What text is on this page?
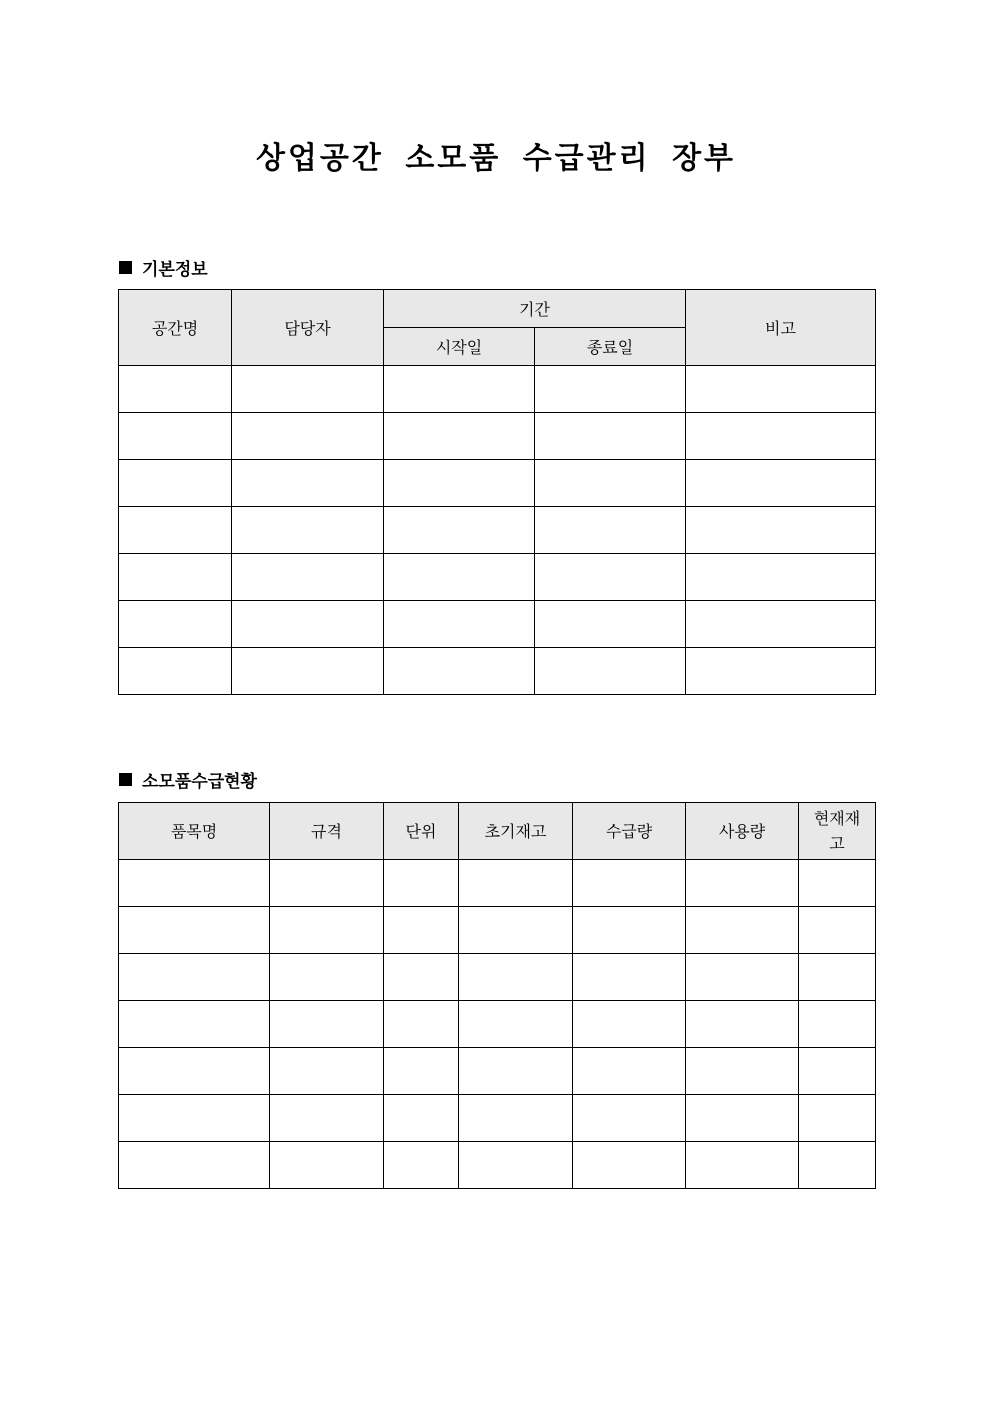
상업공간 소모품 수급관리 장부
기본정보
공간명	담당자	기간		비고
		시작일	종료일	

소모품수급현황
품목명	규격	단위	초기재고	수급량	사용량	현재재고
